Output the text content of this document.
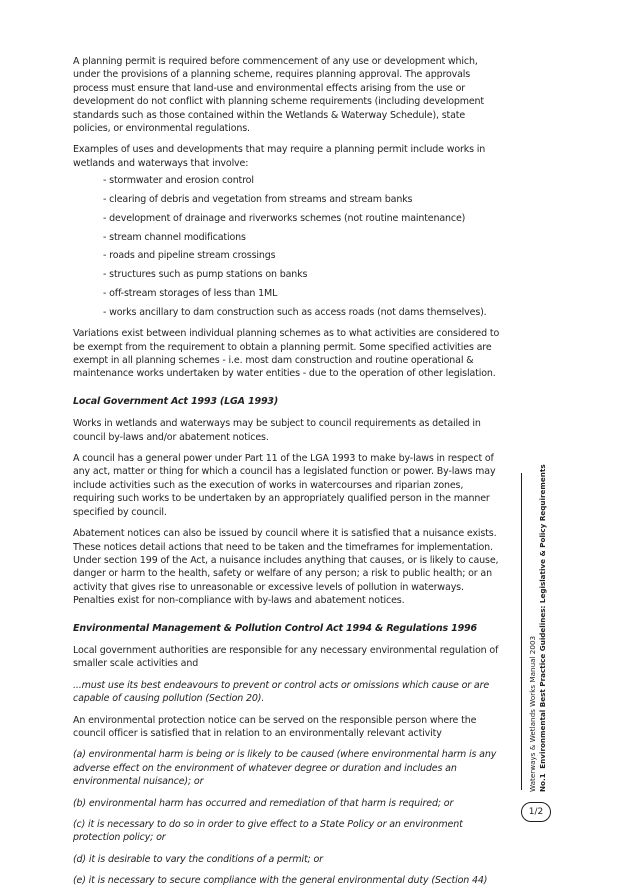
A planning permit is required before commencement of any use or development which, under the provisions of a planning scheme, requires planning approval. The approvals process must ensure that land-use and environmental effects arising from the use or development do not conflict with planning scheme requirements (including development standards such as those contained within the Wetlands & Waterway Schedule), state policies, or environmental regulations.

Examples of uses and developments that may require a planning permit include works in wetlands and waterways that involve:

- stormwater and erosion control
- clearing of debris and vegetation from streams and stream banks
- development of drainage and riverworks schemes (not routine maintenance)
- stream channel modifications
- roads and pipeline stream crossings
- structures such as pump stations on banks
- off-stream storages of less than 1ML
- works ancillary to dam construction such as access roads (not dams themselves).

Variations exist between individual planning schemes as to what activities are considered to be exempt from the requirement to obtain a planning permit. Some specified activities are exempt in all planning schemes - i.e. most dam construction and routine operational & maintenance works undertaken by water entities - due to the operation of other legislation.

Local Government Act 1993 (LGA 1993)

Works in wetlands and waterways may be subject to council requirements as detailed in council by-laws and/or abatement notices.

A council has a general power under Part 11 of the LGA 1993 to make by-laws in respect of any act, matter or thing for which a council has a legislated function or power. By-laws may include activities such as the execution of works in watercourses and riparian zones, requiring such works to be undertaken by an appropriately qualified person in the manner specified by council.

Abatement notices can also be issued by council where it is satisfied that a nuisance exists. These notices detail actions that need to be taken and the timeframes for implementation. Under section 199 of the Act, a nuisance includes anything that causes, or is likely to cause, danger or harm to the health, safety or welfare of any person; a risk to public health; or an activity that gives rise to unreasonable or excessive levels of pollution in waterways. Penalties exist for non-compliance with by-laws and abatement notices.

Environmental Management & Pollution Control Act 1994 & Regulations 1996

Local government authorities are responsible for any necessary environmental regulation of smaller scale activities and

...must use its best endeavours to prevent or control acts or omissions which cause or are capable of causing pollution (Section 20).

An environmental protection notice can be served on the responsible person where the council officer is satisfied that in relation to an environmentally relevant activity

(a) environmental harm is being or is likely to be caused (where environmental harm is any adverse effect on the environment of whatever degree or duration and includes an environmental nuisance); or

(b) environmental harm has occurred and remediation of that harm is required; or

(c) it is necessary to do so in order to give effect to a State Policy or an environment protection policy; or

(d) it is desirable to vary the conditions of a permit; or

(e) it is necessary to secure compliance with the general environmental duty (Section 44)

Waterways & Wetlands Works Manual 2003 No.1  Environmental Best Practice Guidelines: Legislative & Policy Requirements
1/2
